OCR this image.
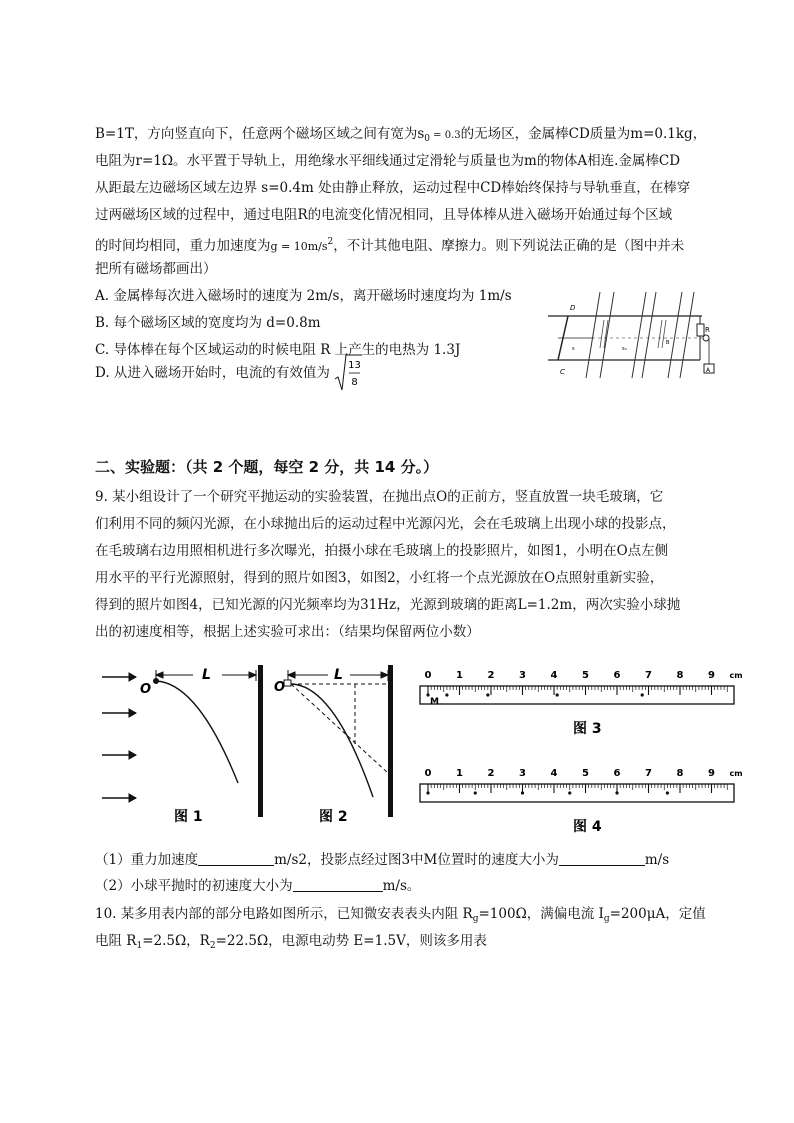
B=1T，方向竖直向下，任意两个磁场区域之间有宽为$s_0 = 0.3$的无场区，金属棒CD质量为m=0.1kg，
电阻为r=1Ω。水平置于导轨上，用绝缘水平细线通过定滑轮与质量也为m的物体A相连.金属棒CD
从距最左边磁场区域左边界 s=0.4m 处由静止释放，运动过程中CD棒始终保持与导轨垂直，在棒穿
过两磁场区域的过程中，通过电阻R的电流变化情况相同，且导体棒从进入磁场开始通过每个区域
的时间均相同，重力加速度为$g = 10m/s^2$，不计其他电阻、摩擦力。则下列说法正确的是（图中并未
把所有磁场都画出）
A. 金属棒每次进入磁场时的速度为 2m/s，离开磁场时速度均为 1m/s
B. 每个磁场区域的宽度均为 d=0.8m
C. 导体棒在每个区域运动的时候电阻 R 上产生的电热为 1.3J
D. 从进入磁场开始时，电流的有效值为 13
8
D
C
R
A
s	s₀
B
二、实验题：（共 2 个题，每空 2 分，共 14 分。）
9. 某小组设计了一个研究平抛运动的实验装置，在抛出点O的正前方，竖直放置一块毛玻璃，它
们利用不同的频闪光源，在小球抛出后的运动过程中光源闪光，会在毛玻璃上出现小球的投影点，
在毛玻璃右边用照相机进行多次曝光，拍摄小球在毛玻璃上的投影照片，如图1，小明在O点左侧
用水平的平行光源照射，得到的照片如图3，如图2，小红将一个点光源放在O点照射重新实验，
得到的照片如图4，已知光源的闪光频率均为31Hz，光源到玻璃的距离L=1.2m，两次实验小球抛
出的初速度相等，根据上述实验可求出：（结果均保留两位小数）
O
L
图 1
O
L
图 2
0 1 2 3 4 5 6 7 8 9 cm
0 1 2 3 4 5 6 7 8 9 cm
M
图 3
图 4
（1）重力加速度	m/s2，投影点经过图3中M位置时的速度大小为	m/s
（2）小球平抛时的初速度大小为	m/s。
10. 某多用表内部的部分电路如图所示，已知微安表表头内阻 $R_g=100\Omega$，满偏电流 $I_g=200\mu A$，定值
电阻 $R_1=2.5\Omega$，$R_2=22.5\Omega$，电源电动势 E=1.5V，则该多用表
